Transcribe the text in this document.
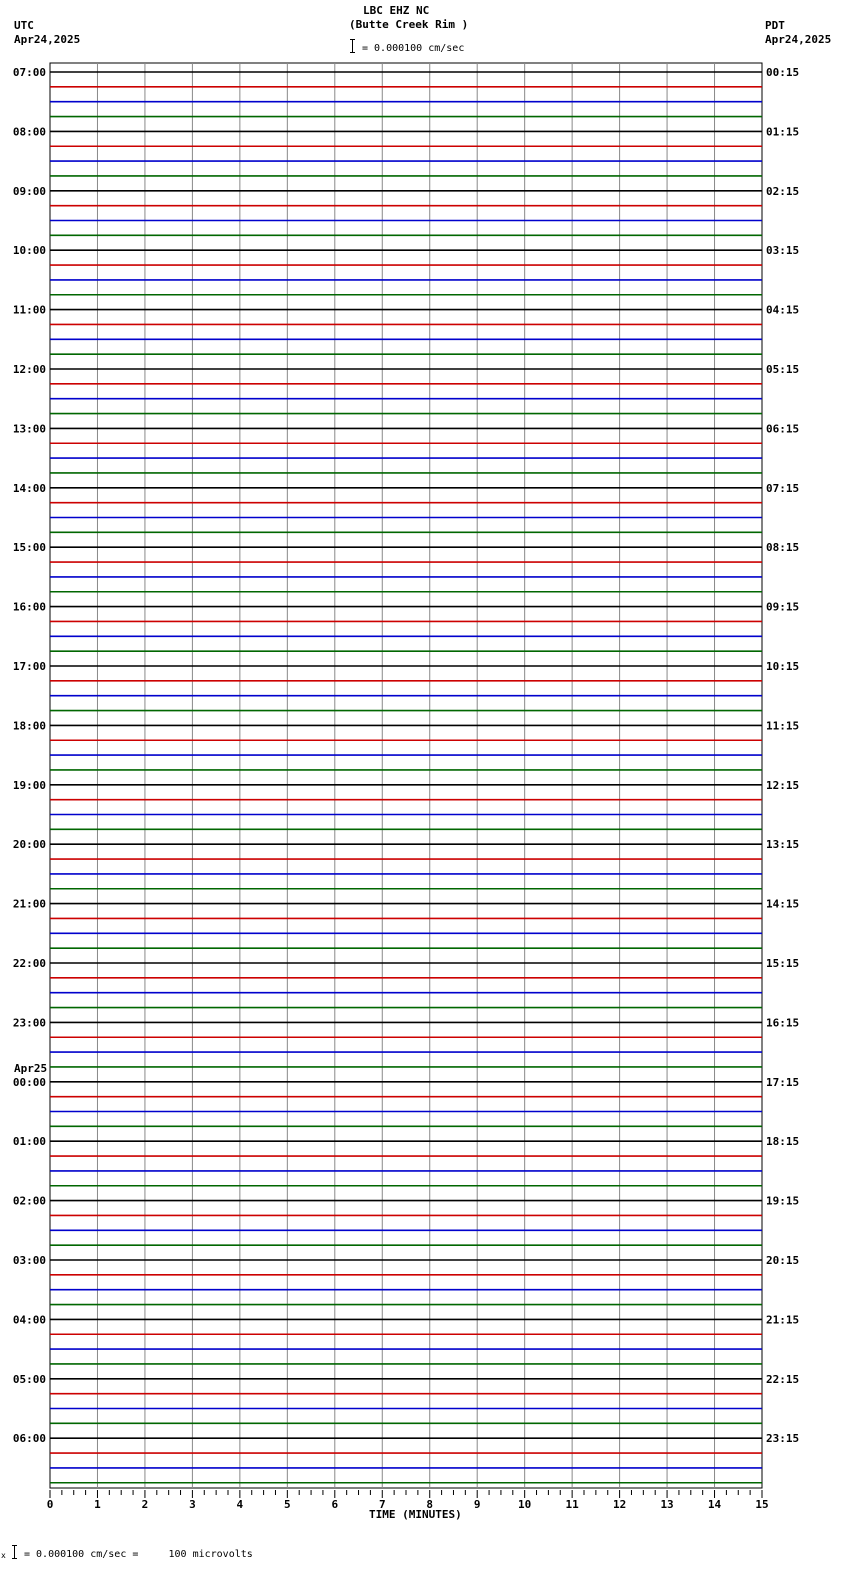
LBC EHZ NC
(Butte Creek Rim )
UTC
Apr24,2025
PDT
Apr24,2025
= 0.000100 cm/sec
07:00
08:00
09:00
10:00
11:00
12:00
13:00
14:00
15:00
16:00
17:00
18:00
19:00
20:00
21:00
22:00
23:00
00:00
Apr25
01:00
02:00
03:00
04:00
05:00
06:00
00:15
01:15
02:15
03:15
04:15
05:15
06:15
07:15
08:15
09:15
10:15
11:15
12:15
13:15
14:15
15:15
16:15
17:15
18:15
19:15
20:15
21:15
22:15
23:15
0	1	2	3	4	5	6	7	8	9	10	11	12	13	14	15
TIME (MINUTES)
x = 0.000100 cm/sec =     100 microvolts
